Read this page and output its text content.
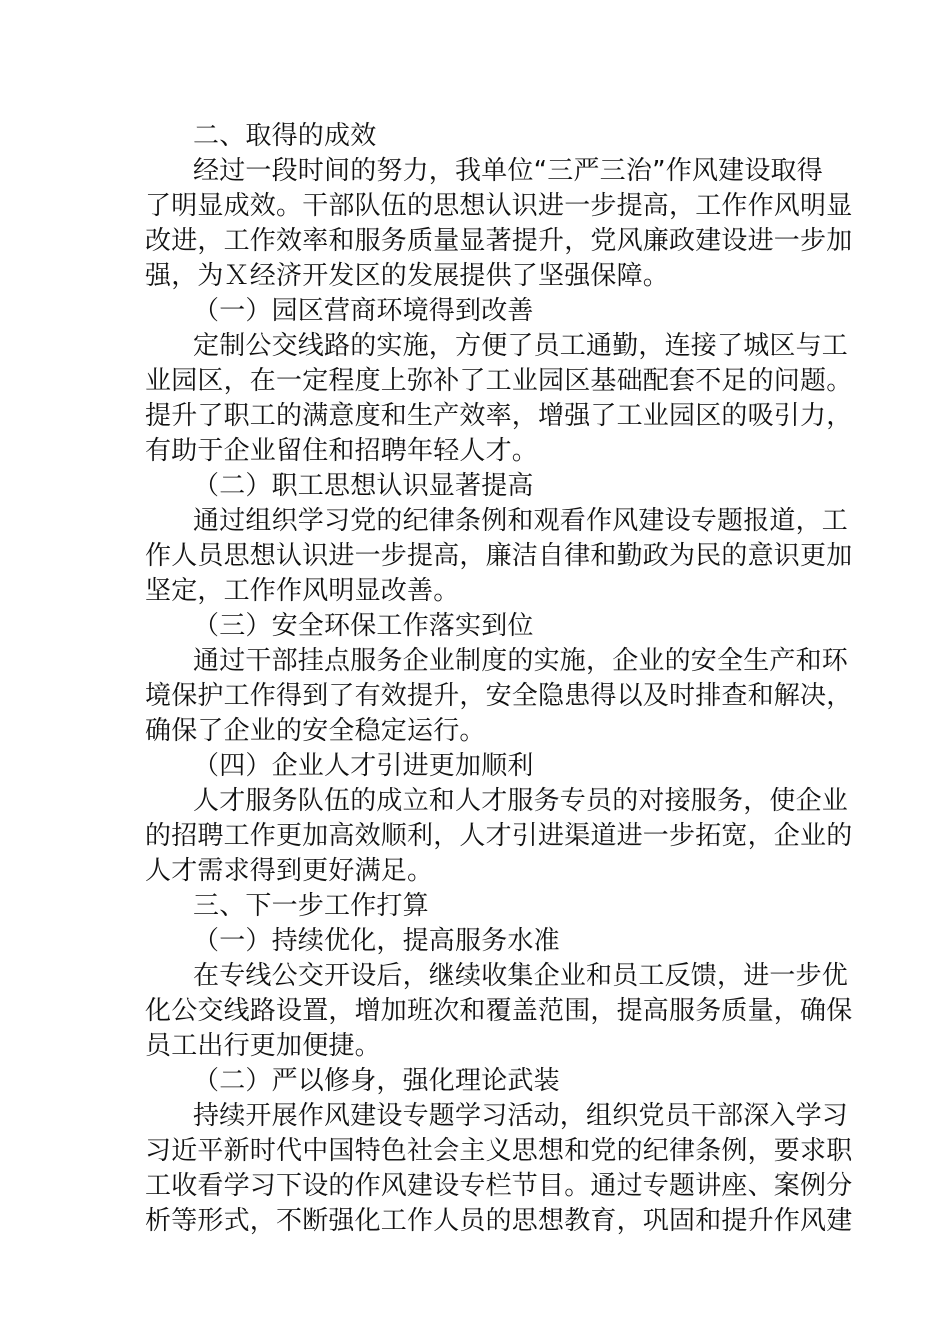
二、取得的成效
经过一段时间的努力，我单位“三严三治”作风建设取得
了明显成效。干部队伍的思想认识进一步提高，工作作风明显
改进，工作效率和服务质量显著提升，党风廉政建设进一步加
强，为Ｘ经济开发区的发展提供了坚强保障。
（一）园区营商环境得到改善
定制公交线路的实施，方便了员工通勤，连接了城区与工
业园区，在一定程度上弥补了工业园区基础配套不足的问题。
提升了职工的满意度和生产效率，增强了工业园区的吸引力，
有助于企业留住和招聘年轻人才。
（二）职工思想认识显著提高
通过组织学习党的纪律条例和观看作风建设专题报道，工
作人员思想认识进一步提高，廉洁自律和勤政为民的意识更加
坚定，工作作风明显改善。
（三）安全环保工作落实到位
通过干部挂点服务企业制度的实施，企业的安全生产和环
境保护工作得到了有效提升，安全隐患得以及时排查和解决，
确保了企业的安全稳定运行。
（四）企业人才引进更加顺利
人才服务队伍的成立和人才服务专员的对接服务，使企业
的招聘工作更加高效顺利，人才引进渠道进一步拓宽，企业的
人才需求得到更好满足。
三、下一步工作打算
（一）持续优化，提高服务水准
在专线公交开设后，继续收集企业和员工反馈，进一步优
化公交线路设置，增加班次和覆盖范围，提高服务质量，确保
员工出行更加便捷。
（二）严以修身，强化理论武装
持续开展作风建设专题学习活动，组织党员干部深入学习
习近平新时代中国特色社会主义思想和党的纪律条例，要求职
工收看学习下设的作风建设专栏节目。通过专题讲座、案例分
析等形式，不断强化工作人员的思想教育，巩固和提升作风建
